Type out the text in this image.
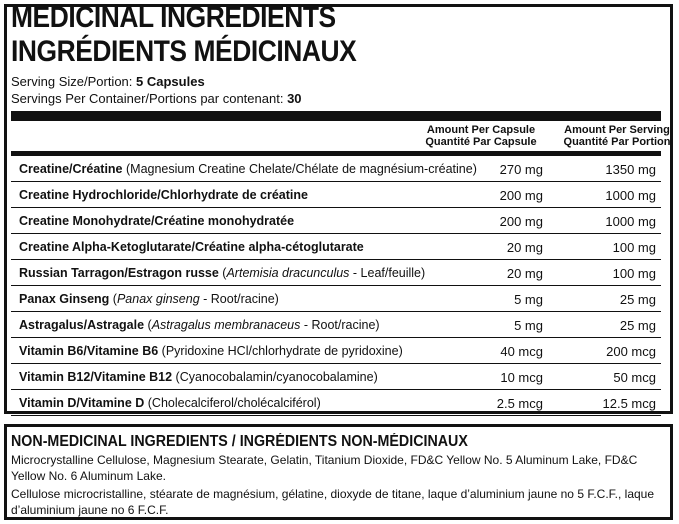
MEDICINAL INGREDIENTS
INGRÉDIENTS MÉDICINAUX
Serving Size/Portion: 5 Capsules
Servings Per Container/Portions par contenant: 30
Amount Per Capsule
Quantité Par Capsule
Amount Per Serving
Quantité Par Portion
Creatine/Créatine (Magnesium Creatine Chelate/Chélate de magnésium-créatine) 270 mg	1350 mg
Creatine Hydrochloride/Chlorhydrate de créatine	200 mg	1000 mg
Creatine Monohydrate/Créatine monohydratée	200 mg	1000 mg
Creatine Alpha-Ketoglutarate/Créatine alpha-cétoglutarate	20 mg	100 mg
Russian Tarragon/Estragon russe (Artemisia dracunculus - Leaf/feuille)	20 mg	100 mg
Panax Ginseng (Panax ginseng - Root/racine)	5 mg	25 mg
Astragalus/Astragale (Astragalus membranaceus - Root/racine)	5 mg	25 mg
Vitamin B6/Vitamine B6 (Pyridoxine HCl/chlorhydrate de pyridoxine)	40 mcg	200 mcg
Vitamin B12/Vitamine B12 (Cyanocobalamin/cyanocobalamine)	10 mcg	50 mcg
Vitamin D/Vitamine D (Cholecalciferol/cholécalciférol)	2.5 mcg	12.5 mcg
NON-MEDICINAL INGREDIENTS / INGRÉDIENTS NON-MÉDICINAUX
Microcrystalline Cellulose, Magnesium Stearate, Gelatin, Titanium Dioxide, FD&C Yellow No. 5 Aluminum Lake, FD&C Yellow No. 6 Aluminum Lake.
Cellulose microcristalline, stéarate de magnésium, gélatine, dioxyde de titane, laque d’aluminium jaune no 5 F.C.F., laque d’aluminium jaune no 6 F.C.F.
